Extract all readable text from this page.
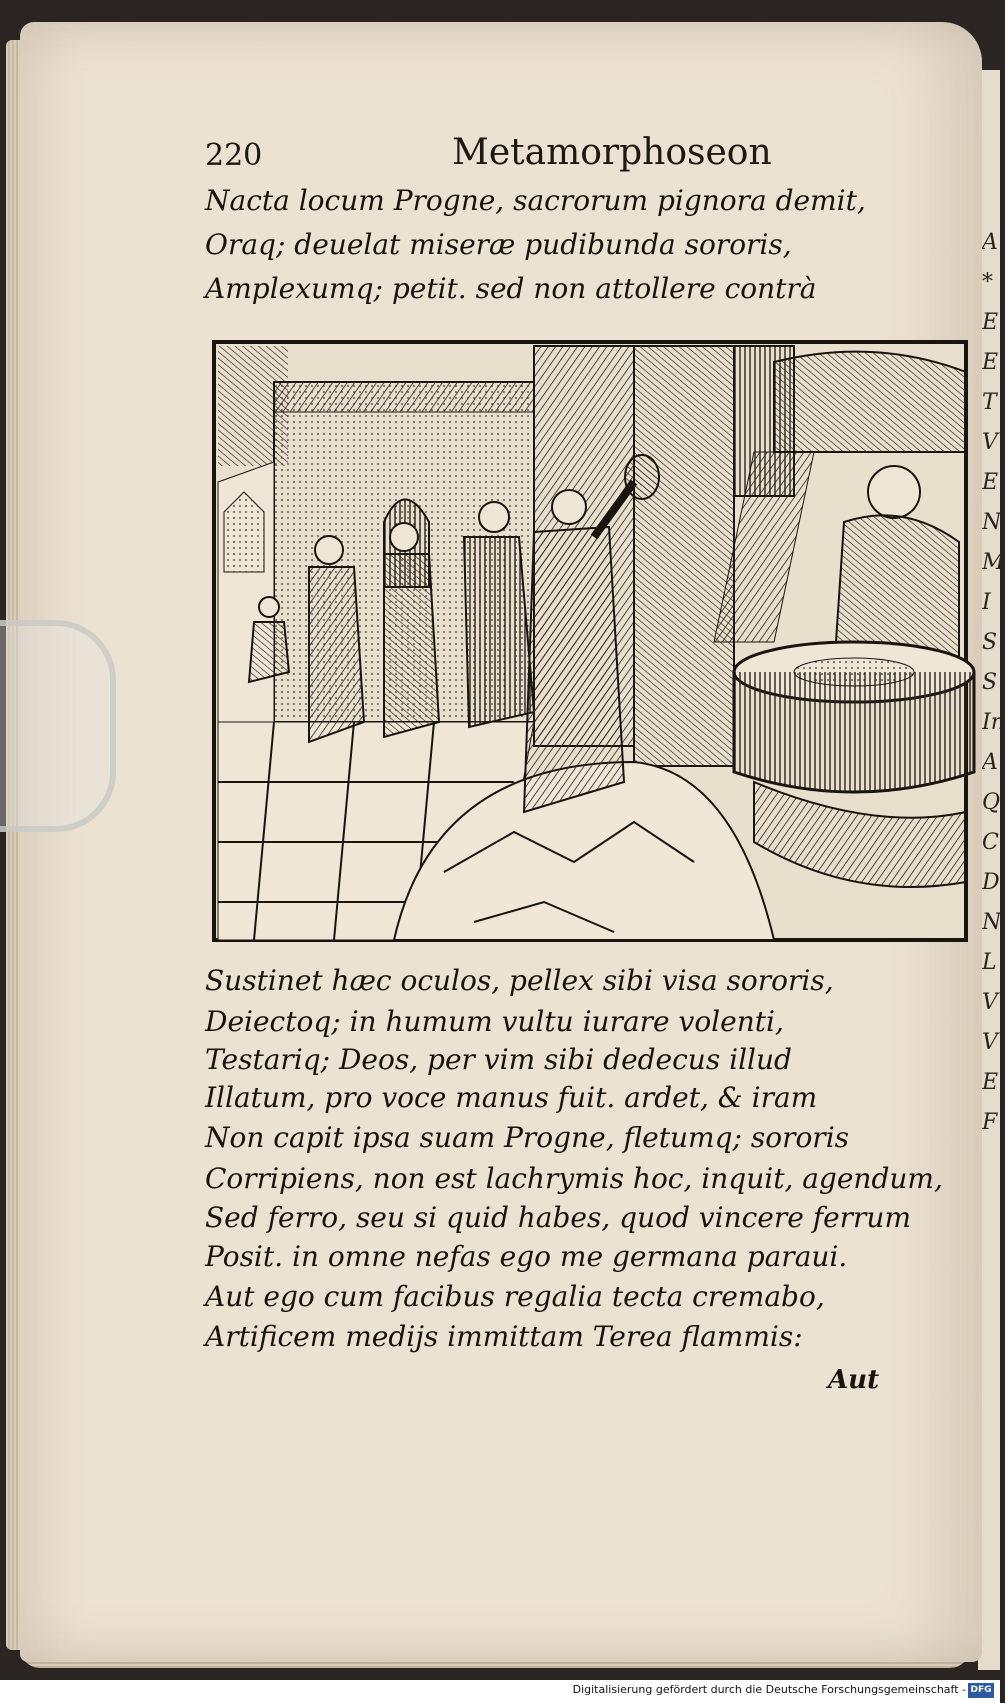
A
*
E
E
T
V
E
N
M
I
S
S
In
A
Q
C
D
N
L
V
V
E
F
220	Metamorphoseon
Nacta locum Progne, sacrorum pignora demit,
Oraq; deuelat miseræ pudibunda sororis,
Amplexumq; petit. sed non attollere contrà
Sustinet hæc oculos, pellex sibi visa sororis,
Deiectoq; in humum vultu iurare volenti,
Testariq; Deos, per vim sibi dedecus illud
Illatum, pro voce manus fuit. ardet, & iram
Non capit ipsa suam Progne, fletumq; sororis
Corripiens, non est lachrymis hoc, inquit, agendum,
Sed ferro, seu si quid habes, quod vincere ferrum
Posit. in omne nefas ego me germana paraui.
Aut ego cum facibus regalia tecta cremabo,
Artificem medijs immittam Terea flammis:
Aut
Digitalisierung gefördert durch die Deutsche Forschungsgemeinschaft - DFG
